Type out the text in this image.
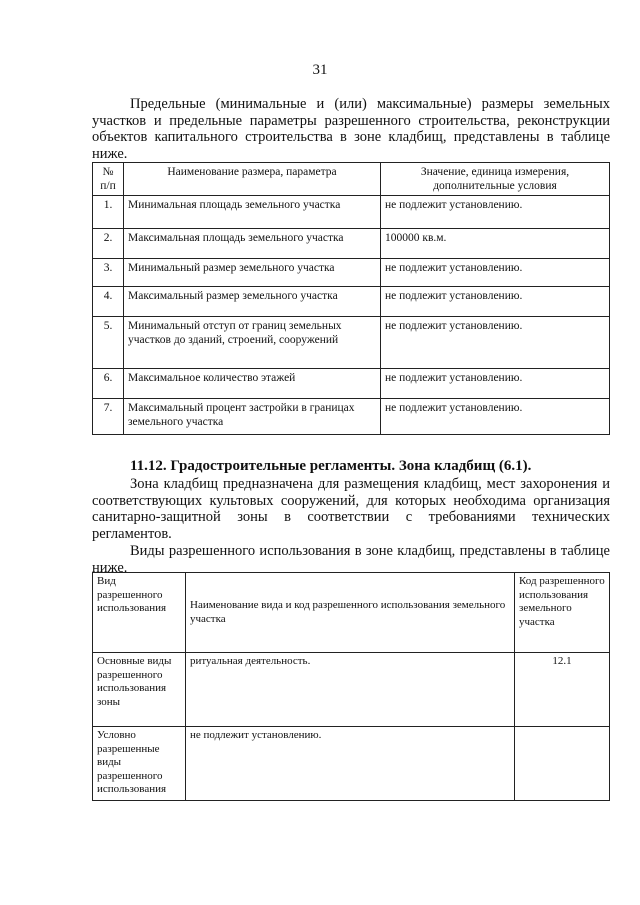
31

Предельные (минимальные и (или) максимальные) размеры земельных участков и предельные параметры разрешенного строительства, реконструкции объектов капитального строительства в зоне кладбищ, представлены в таблице ниже.

№ п/п	Наименование размера, параметра	Значение, единица измерения, дополнительные условия
1.	Минимальная площадь земельного участка	не подлежит установлению.
2.	Максимальная площадь земельного участка	100000 кв.м.
3.	Минимальный размер земельного участка	не подлежит установлению.
4.	Максимальный размер земельного участка	не подлежит установлению.
5.	Минимальный отступ от границ земельных участков до зданий, строений, сооружений	не подлежит установлению.
6.	Максимальное количество этажей	не подлежит установлению.
7.	Максимальный процент застройки в границах земельного участка	не подлежит установлению.
11.12. Градостроительные регламенты. Зона кладбищ (6.1).

Зона кладбищ предназначена для размещения кладбищ, мест захоронения и соответствующих культовых сооружений, для которых необходима организация санитарно-защитной зоны в соответствии с требованиями технических регламентов.

Виды разрешенного использования в зоне кладбищ, представлены в таблице ниже.

Вид разрешенного использования	Наименование вида и код разрешенного использования земельного участка	Код разрешенного использования земельного участка
Основные виды разрешенного использования зоны	ритуальная деятельность.	12.1
Условно разрешенные виды разрешенного использования	не подлежит установлению.	
